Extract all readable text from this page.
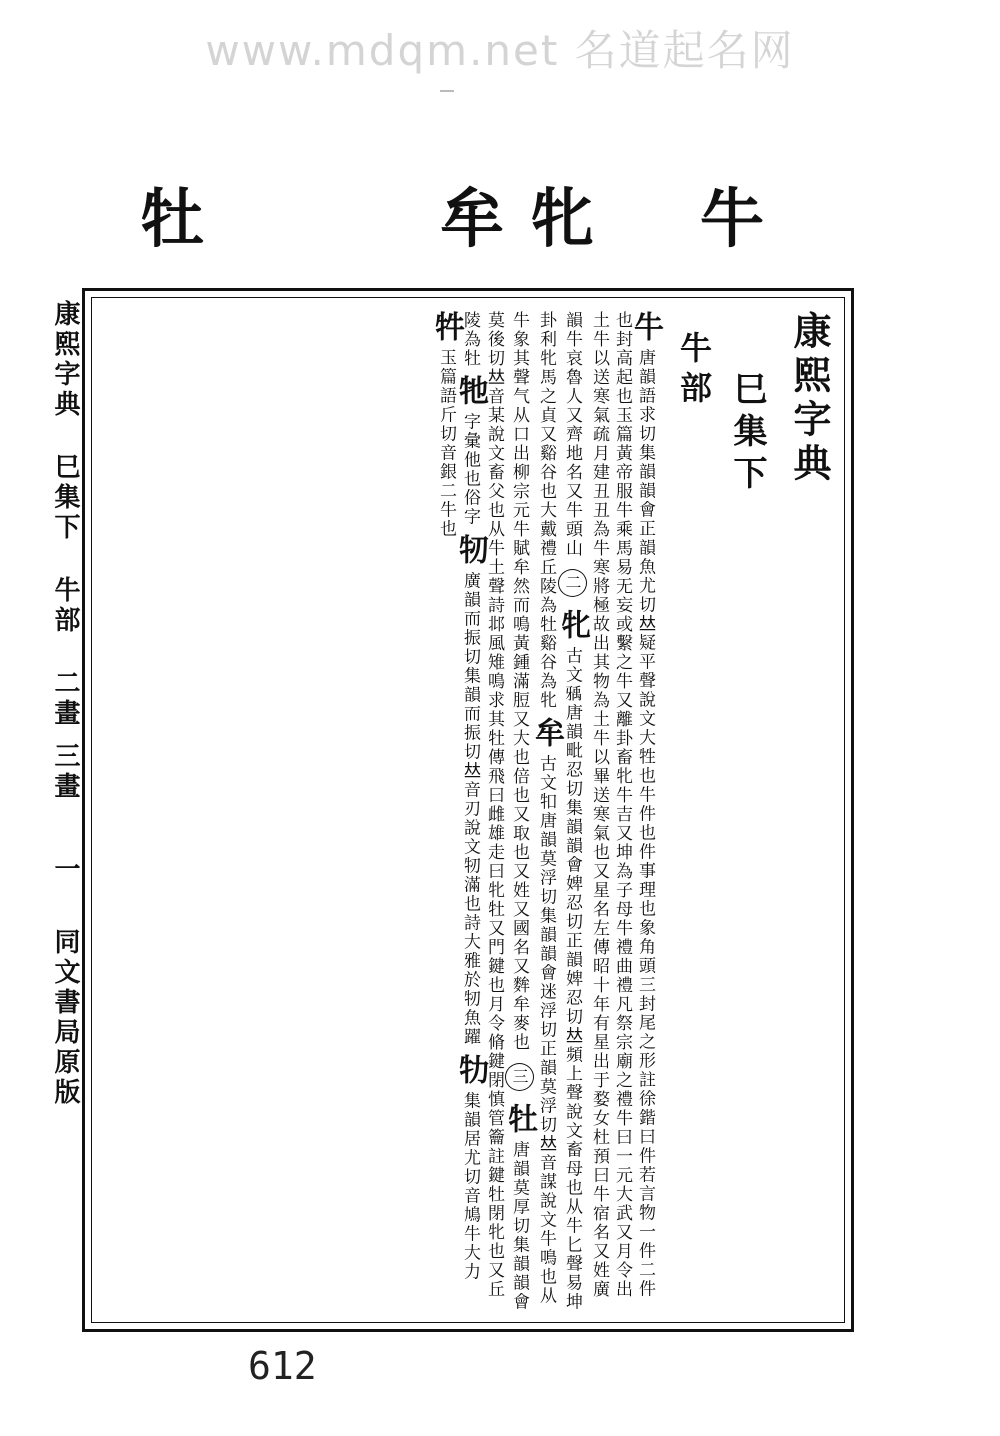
www.mdqm.net 名道起名网
牛
牝
牟
牡
康熙字典
巳集下
牛部
牛 唐韻語求切集韻韻會正韻魚尤切𠀤疑平聲說文大牲也牛件也件事理也象角頭三封尾之形註徐鍇曰件若言物一件二件也封高起也玉篇黃帝服牛乘馬易无妄或繫之牛又離卦畜牝牛吉又坤為子母牛禮曲禮凡祭宗廟之禮牛曰一元大武又月令出土牛以送寒氣疏月建丑丑為牛寒將極故出其物為土牛以畢送寒氣也又星名左傳昭十年有星出于婺女杜預曰牛宿名又姓廣韻牛哀魯人又齊地名又牛頭山 二 牝 古文𤘐唐韻毗忍切集韻韻會婢忍切正韻婢忍切𠀤頻上聲說文畜母也从牛匕聲易坤卦利牝馬之貞又谿谷也大戴禮丘陵為牡谿谷為牝 牟 古文𤘘唐韻莫浮切集韻韻會迷浮切正韻莫浮切𠀤音謀說文牛鳴也从牛象其聲气从口出柳宗元牛賦牟然而鳴黃鍾滿脰又大也倍也又取也又姓又國名又麰牟麥也 三 牡 唐韻莫厚切集韻韻會莫後切𠀤音某說文畜父也从牛土聲詩邶風雉鳴求其牡傳飛曰雌雄走曰牝牡又門鍵也月令脩鍵閉慎管籥註鍵牡閉牝也又丘陵為牡 牠 字彙他也俗字 牣 廣韻而振切集韻而振切𠀤音刃說文牣滿也詩大雅於牣魚躍 牞 集韻居尤切音鳩牛大力 牪 玉篇語斤切音銀二牛也
康熙字典 巳集下 牛部 二畫 三畫 一 同文書局原版
612
